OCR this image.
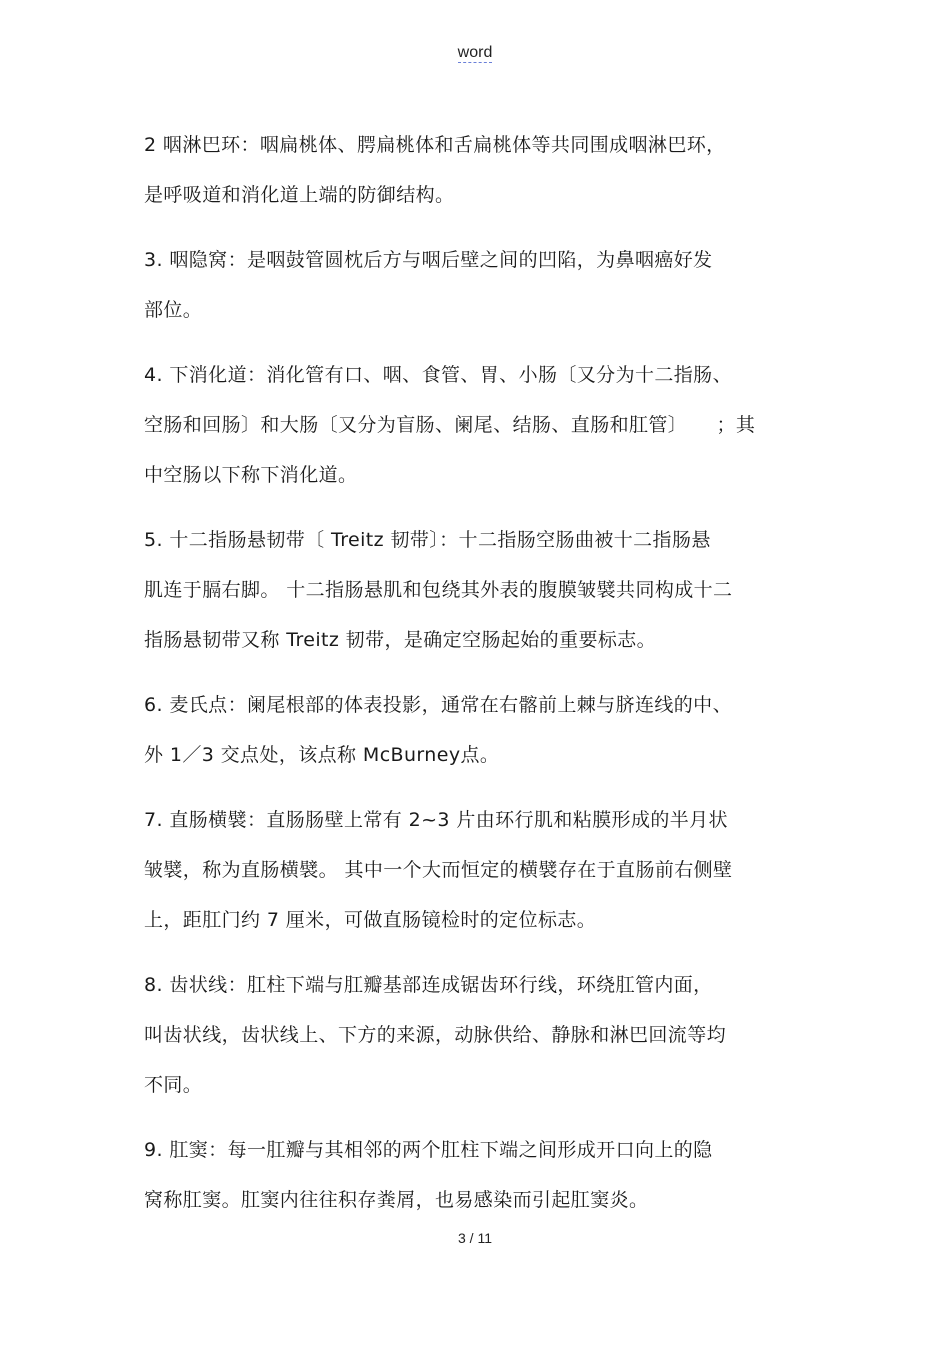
word
2 咽淋巴环：咽扁桃体、腭扁桃体和舌扁桃体等共同围成咽淋巴环，
是呼吸道和消化道上端的防御结构。
3. 咽隐窝：是咽鼓管圆枕后方与咽后壁之间的凹陷，为鼻咽癌好发
部位。
4. 下消化道：消化管有口、咽、食管、胃、小肠〔又分为十二指肠、
空肠和回肠〕和大肠〔又分为盲肠、阑尾、结肠、直肠和肛管〕　　；其
中空肠以下称下消化道。
5. 十二指肠悬韧带〔 Treitz 韧带〕：十二指肠空肠曲被十二指肠悬
肌连于膈右脚。 十二指肠悬肌和包绕其外表的腹膜皱襞共同构成十二
指肠悬韧带又称 Treitz 韧带，是确定空肠起始的重要标志。
6. 麦氏点：阑尾根部的体表投影，通常在右髂前上棘与脐连线的中、
外 1／3 交点处，该点称 McBurney点。
7. 直肠横襞：直肠肠壁上常有 2~3 片由环行肌和粘膜形成的半月状
皱襞，称为直肠横襞。 其中一个大而恒定的横襞存在于直肠前右侧壁
上，距肛门约 7 厘米，可做直肠镜检时的定位标志。
8. 齿状线：肛柱下端与肛瓣基部连成锯齿环行线，环绕肛管内面，
叫齿状线，齿状线上、下方的来源，动脉供给、静脉和淋巴回流等均
不同。
9. 肛窦：每一肛瓣与其相邻的两个肛柱下端之间形成开口向上的隐
窝称肛窦。肛窦内往往积存粪屑，也易感染而引起肛窦炎。
3 / 11
